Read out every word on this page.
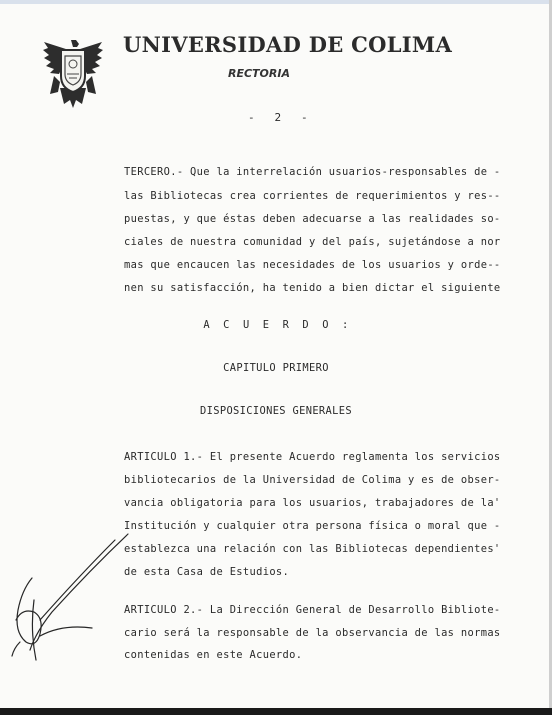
UNIVERSIDAD DE COLIMA
RECTORIA
-   2   -

TERCERO.- Que la interrelación usuarios-responsables de -

las Bibliotecas crea corrientes de requerimientos y res--

puestas, y que éstas deben adecuarse a las realidades so-

ciales de nuestra comunidad y del país, sujetándose a nor

mas que encaucen las necesidades de los usuarios y orde--

nen su satisfacción, ha tenido a bien dictar el siguiente

A  C  U  E  R  D  O  :

CAPITULO PRIMERO

DISPOSICIONES GENERALES

ARTICULO 1.- El presente Acuerdo reglamenta los servicios

bibliotecarios de la Universidad de Colima y es de obser-

vancia obligatoria para los usuarios, trabajadores de la'

Institución y cualquier otra persona física o moral que -

establezca una relación con las Bibliotecas dependientes'

de esta Casa de Estudios.

ARTICULO 2.- La Dirección General de Desarrollo Bibliote-

cario será la responsable de la observancia de las normas

contenidas en este Acuerdo.
